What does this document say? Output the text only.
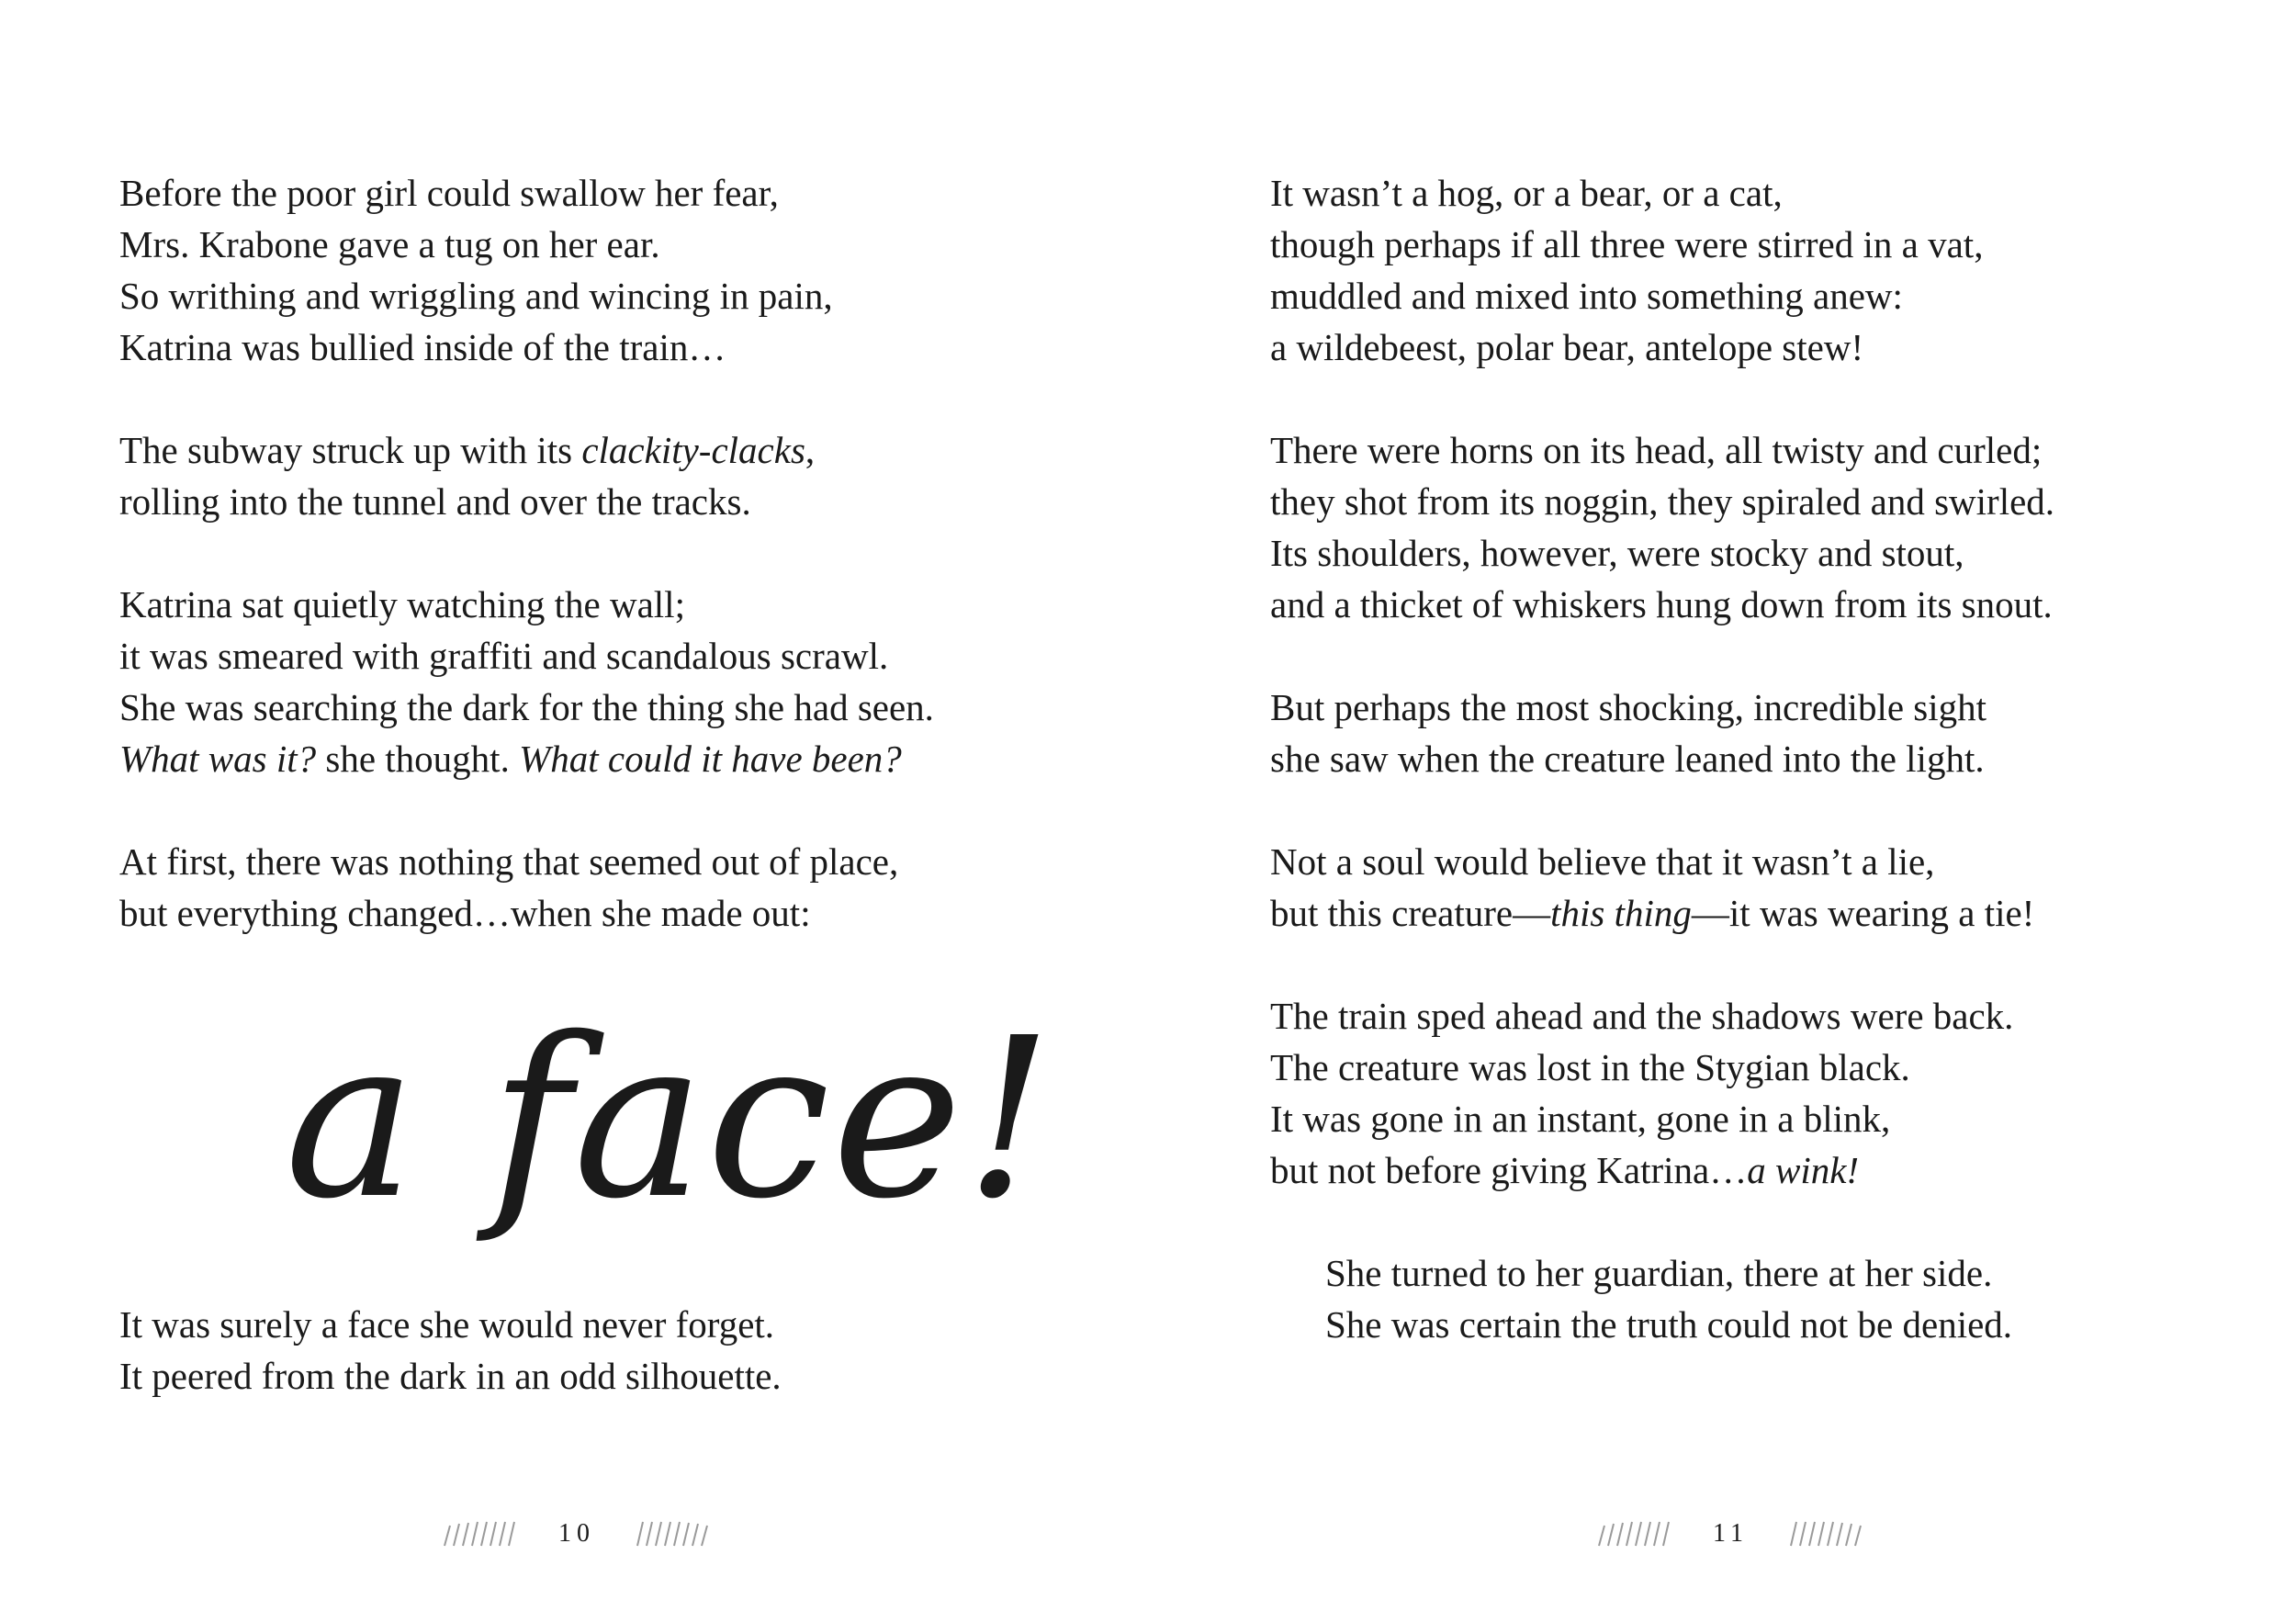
Before the poor girl could swallow her fear,
Mrs. Krabone gave a tug on her ear.
So writhing and wriggling and wincing in pain,
Katrina was bullied inside of the train…
The subway struck up with its clackity-clacks,
rolling into the tunnel and over the tracks.
Katrina sat quietly watching the wall;
it was smeared with graffiti and scandalous scrawl.
She was searching the dark for the thing she had seen.
What was it? she thought. What could it have been?
At first, there was nothing that seemed out of place,
but everything changed…when she made out:
a face!
It was surely a face she would never forget.
It peered from the dark in an odd silhouette.
10
It wasn’t a hog, or a bear, or a cat,
though perhaps if all three were stirred in a vat,
muddled and mixed into something anew:
a wildebeest, polar bear, antelope stew!
There were horns on its head, all twisty and curled;
they shot from its noggin, they spiraled and swirled.
Its shoulders, however, were stocky and stout,
and a thicket of whiskers hung down from its snout.
But perhaps the most shocking, incredible sight
she saw when the creature leaned into the light.
Not a soul would believe that it wasn’t a lie,
but this creature—this thing—it was wearing a tie!
The train sped ahead and the shadows were back.
The creature was lost in the Stygian black.
It was gone in an instant, gone in a blink,
but not before giving Katrina…a wink!
She turned to her guardian, there at her side.
She was certain the truth could not be denied.
11
